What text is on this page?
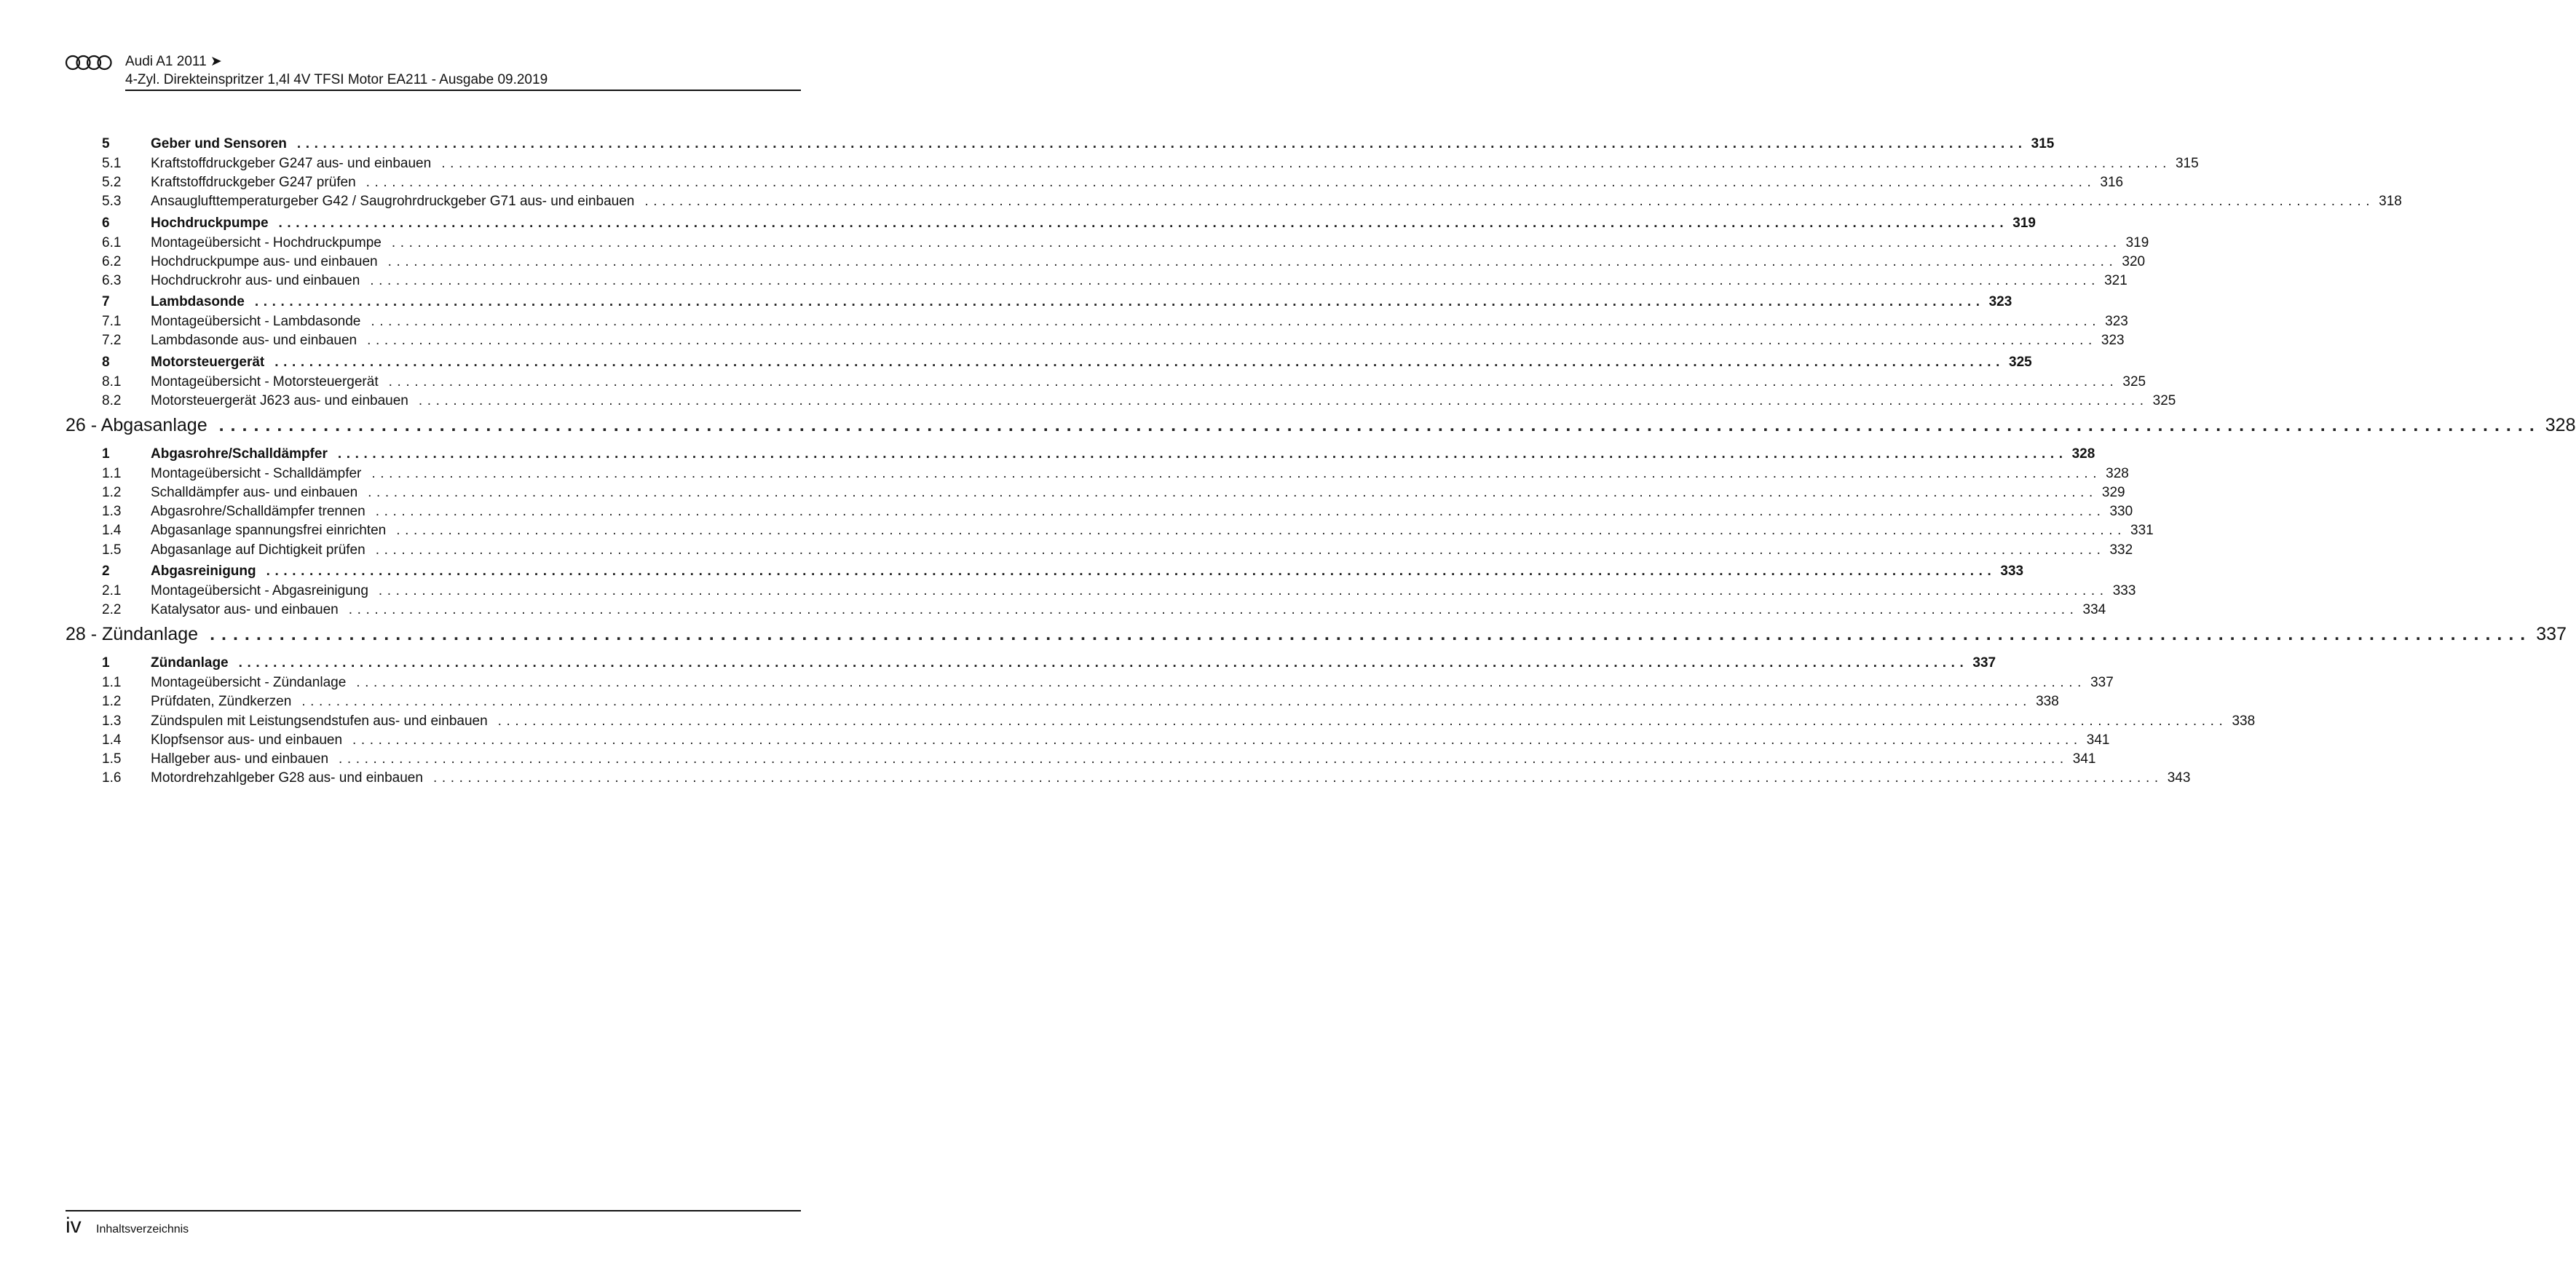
Audi A1 2011 ➤
4-Zyl. Direkteinspritzer 1,4l 4V TFSI Motor EA211 - Ausgabe 09.2019
5	Geber und Sensoren ........................................................................................................................................................................................................ 315
5.1 Kraftstoffdruckgeber G247 aus- und einbauen ........................................................................................................................................................................................................ 315
5.2 Kraftstoffdruckgeber G247 prüfen ........................................................................................................................................................................................................ 316
5.3 Ansauglufttemperaturgeber G42 / Saugrohrdruckgeber G71 aus- und einbauen ........................................................................................................................................................................................................ 318
6	Hochdruckpumpe ........................................................................................................................................................................................................ 319
6.1 Montageübersicht - Hochdruckpumpe ........................................................................................................................................................................................................ 319
6.2 Hochdruckpumpe aus- und einbauen ........................................................................................................................................................................................................ 320
6.3 Hochdruckrohr aus- und einbauen ........................................................................................................................................................................................................ 321
7	Lambdasonde ........................................................................................................................................................................................................ 323
7.1 Montageübersicht - Lambdasonde ........................................................................................................................................................................................................ 323
7.2 Lambdasonde aus- und einbauen ........................................................................................................................................................................................................ 323
8	Motorsteuergerät ........................................................................................................................................................................................................ 325
8.1 Montageübersicht - Motorsteuergerät ........................................................................................................................................................................................................ 325
8.2 Motorsteuergerät J623 aus- und einbauen ........................................................................................................................................................................................................ 325
26 - Abgasanlage ........................................................................................................................................................................................................ 328
1	Abgasrohre/Schalldämpfer ........................................................................................................................................................................................................ 328
1.1 Montageübersicht - Schalldämpfer ........................................................................................................................................................................................................ 328
1.2 Schalldämpfer aus- und einbauen ........................................................................................................................................................................................................ 329
1.3 Abgasrohre/Schalldämpfer trennen ........................................................................................................................................................................................................ 330
1.4 Abgasanlage spannungsfrei einrichten ........................................................................................................................................................................................................ 331
1.5 Abgasanlage auf Dichtigkeit prüfen ........................................................................................................................................................................................................ 332
2	Abgasreinigung ........................................................................................................................................................................................................ 333
2.1 Montageübersicht - Abgasreinigung ........................................................................................................................................................................................................ 333
2.2 Katalysator aus- und einbauen ........................................................................................................................................................................................................ 334
28 - Zündanlage ........................................................................................................................................................................................................ 337
1	Zündanlage ........................................................................................................................................................................................................ 337
1.1 Montageübersicht - Zündanlage ........................................................................................................................................................................................................ 337
1.2 Prüfdaten, Zündkerzen ........................................................................................................................................................................................................ 338
1.3 Zündspulen mit Leistungsendstufen aus- und einbauen ........................................................................................................................................................................................................ 338
1.4 Klopfsensor aus- und einbauen ........................................................................................................................................................................................................ 341
1.5 Hallgeber aus- und einbauen ........................................................................................................................................................................................................ 341
1.6 Motordrehzahlgeber G28 aus- und einbauen ........................................................................................................................................................................................................ 343
iv Inhaltsverzeichnis
